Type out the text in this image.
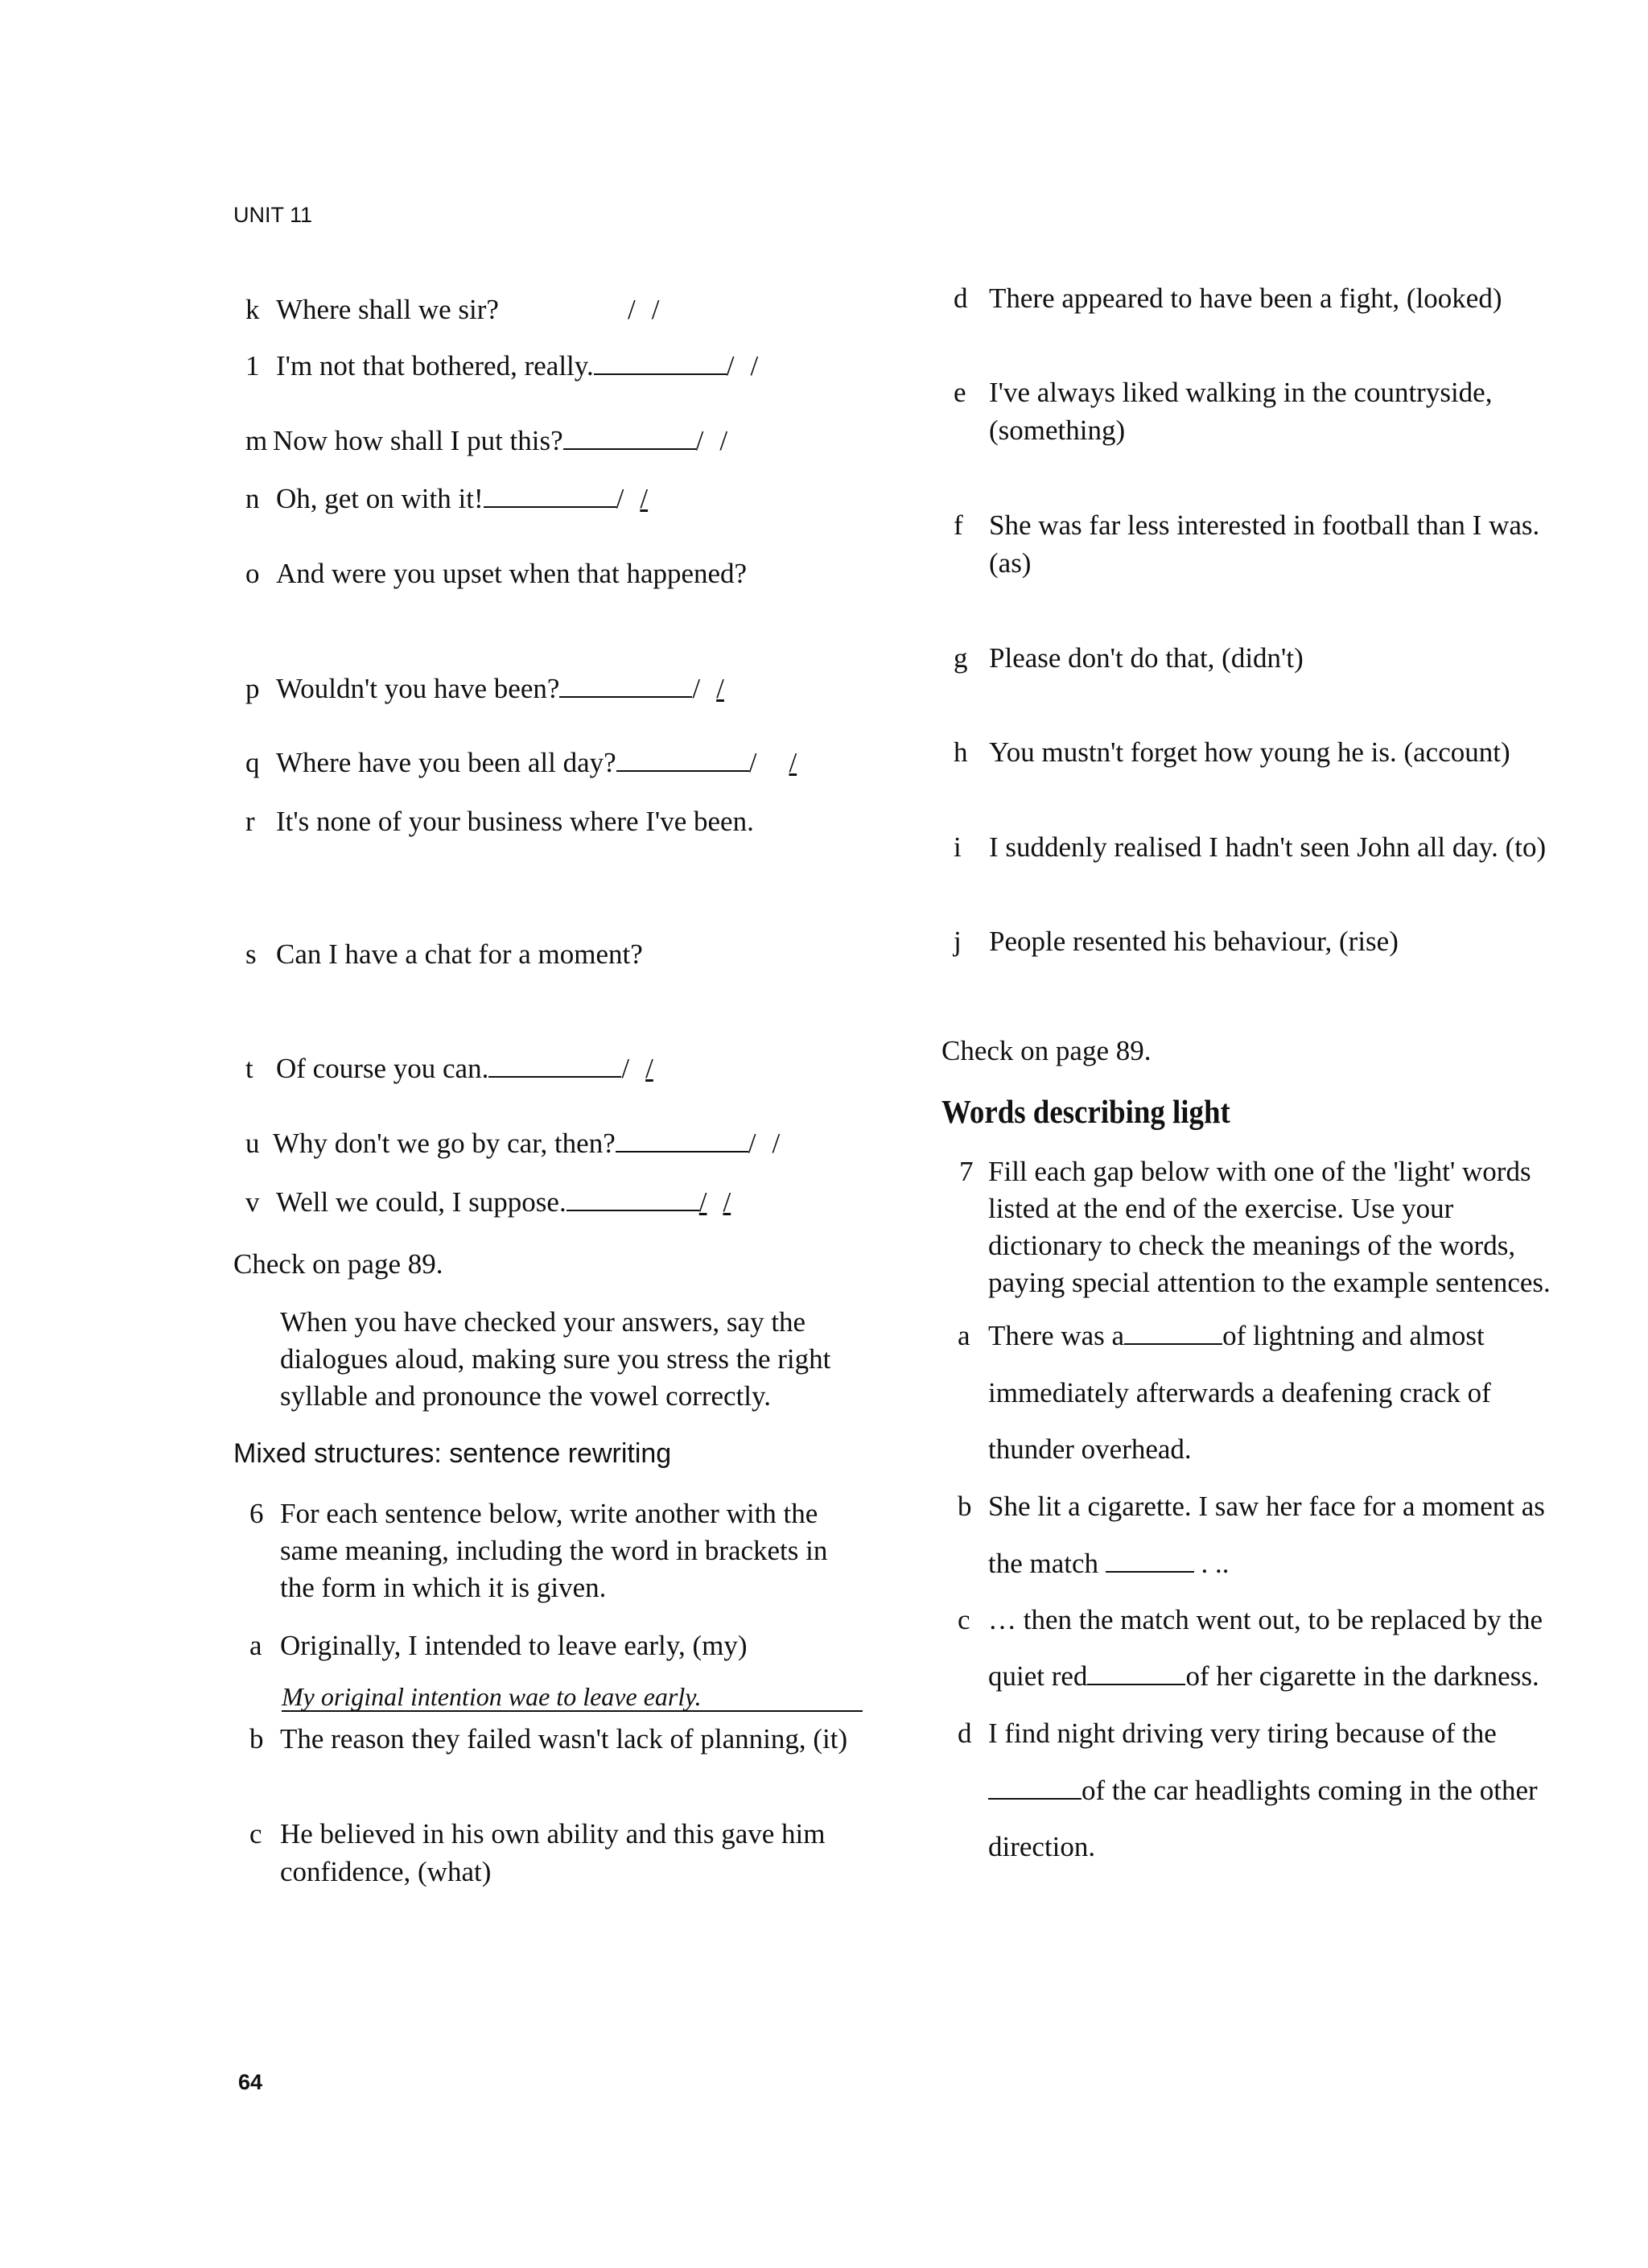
UNIT 11
k Where shall we sir?	/ /
1 I'm not that bothered, really.	/ /
m Now how shall I put this?	/ /
n Oh, get on with it!	/ /
o And were you upset when that happened?
p Wouldn't you have been?	/ /
q Where have you been all day?	/ /
r It's none of your business where I've been.
s Can I have a chat for a moment?
t Of course you can.	/ /
u Why don't we go by car, then?	/ /
v Well we could, I suppose.	/ /
Check on page 89.
When you have checked your answers, say the
dialogues aloud, making sure you stress the right
syllable and pronounce the vowel correctly.
Mixed structures: sentence rewriting
6 For each sentence below, write another with the
same meaning, including the word in brackets in
the form in which it is given.
a Originally, I intended to leave early, (my)
My original intention wae to leave early.
b The reason they failed wasn't lack of planning, (it)
c He believed in his own ability and this gave him
confidence, (what)
d There appeared to have been a fight, (looked)
e I've always liked walking in the countryside,
(something)
f She was far less interested in football than I was.
(as)
g Please don't do that, (didn't)
h You mustn't forget how young he is. (account)
i I suddenly realised I hadn't seen John all day. (to)
j People resented his behaviour, (rise)
Check on page 89.
Words describing light
7 Fill each gap below with one of the 'light' words
listed at the end of the exercise. Use your
dictionary to check the meanings of the words,
paying special attention to the example sentences.
a There was a	of lightning and almost
immediately afterwards a deafening crack of
thunder overhead.
b She lit a cigarette. I saw her face for a moment as
the match	. ..
c … then the match went out, to be replaced by the
quiet red	of her cigarette in the darkness.
d I find night driving very tiring because of the
of the car headlights coming in the other
direction.
64
